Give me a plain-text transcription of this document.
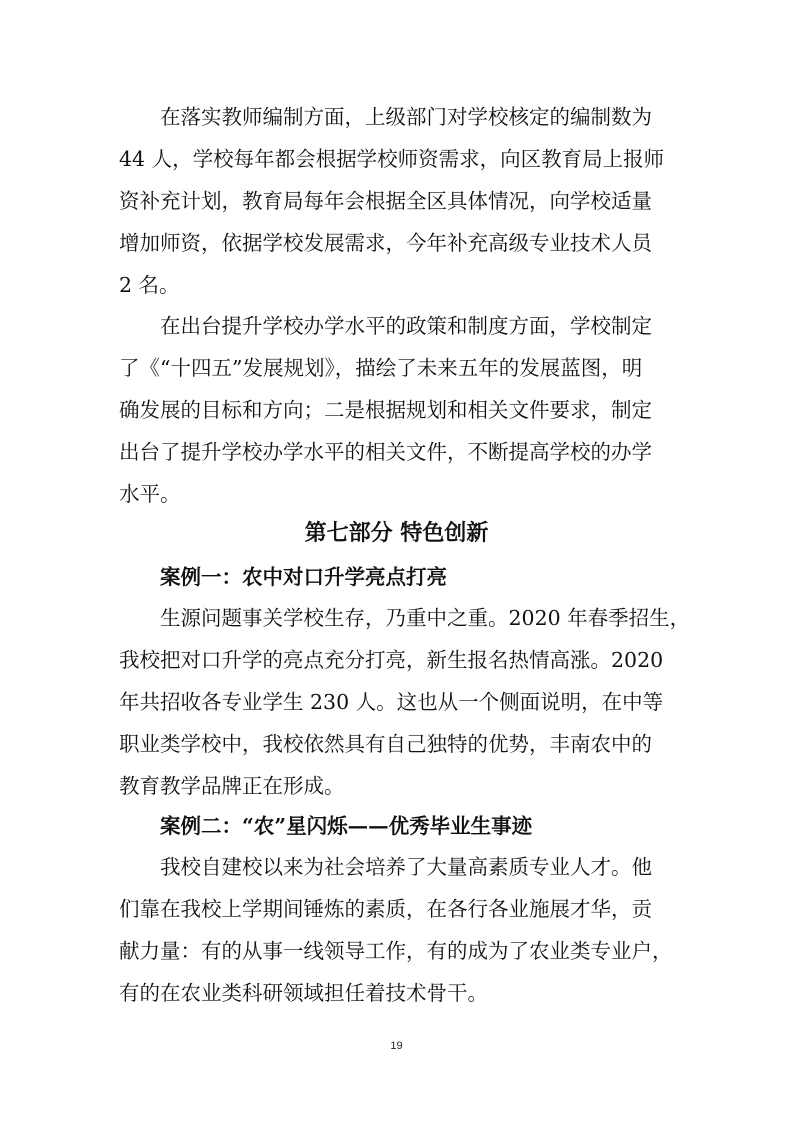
在落实教师编制方面，上级部门对学校核定的编制数为
44 人，学校每年都会根据学校师资需求，向区教育局上报师
资补充计划，教育局每年会根据全区具体情况，向学校适量
增加师资，依据学校发展需求，今年补充高级专业技术人员
2 名。
在出台提升学校办学水平的政策和制度方面，学校制定
了《“十四五”发展规划》，描绘了未来五年的发展蓝图，明
确发展的目标和方向；二是根据规划和相关文件要求，制定
出台了提升学校办学水平的相关文件，不断提高学校的办学
水平。
第七部分 特色创新
案例一：农中对口升学亮点打亮
生源问题事关学校生存，乃重中之重。2020 年春季招生，
我校把对口升学的亮点充分打亮，新生报名热情高涨。2020
年共招收各专业学生 230 人。这也从一个侧面说明，在中等
职业类学校中，我校依然具有自己独特的优势，丰南农中的
教育教学品牌正在形成。
案例二：“农”星闪烁——优秀毕业生事迹
我校自建校以来为社会培养了大量高素质专业人才。他
们靠在我校上学期间锤炼的素质，在各行各业施展才华，贡
献力量：有的从事一线领导工作，有的成为了农业类专业户，
有的在农业类科研领域担任着技术骨干。
19
